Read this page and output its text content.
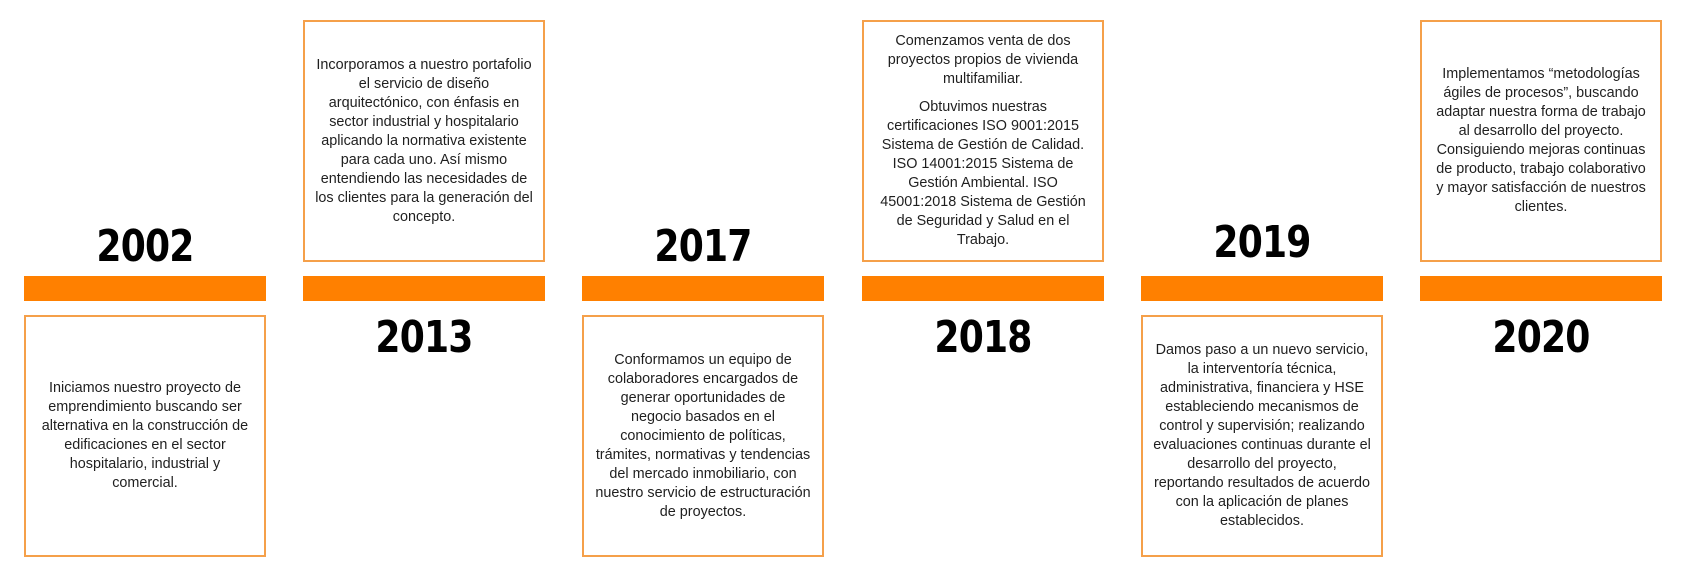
2002

Iniciamos nuestro proyecto de emprendimiento buscando ser alternativa en la construcción de edificaciones en el sector hospitalario, industrial y comercial.

Incorporamos a nuestro portafolio el servicio de diseño arquitectónico, con énfasis en sector industrial y hospitalario aplicando la normativa existente para cada uno. Así mismo entendiendo las necesidades de los clientes para la generación del concepto.

2013
2017

Conformamos un equipo de colaboradores encargados de generar oportunidades de negocio basados en el conocimiento de políticas, trámites, normativas y tendencias del mercado inmobiliario, con nuestro servicio de estructuración de proyectos.

Comenzamos venta de dos proyectos propios de vivienda multifamiliar.

Obtuvimos nuestras certificaciones ISO 9001:2015 Sistema de Gestión de Calidad. ISO 14001:2015 Sistema de Gestión Ambiental. ISO 45001:2018 Sistema de Gestión de Seguridad y Salud en el Trabajo.

2018
2019

Damos paso a un nuevo servicio, la interventoría técnica, administrativa, financiera y HSE estableciendo mecanismos de control y supervisión; realizando evaluaciones continuas durante el desarrollo del proyecto, reportando resultados de acuerdo con la aplicación de planes establecidos.

Implementamos “metodologías ágiles de procesos”, buscando adaptar nuestra forma de trabajo al desarrollo del proyecto. Consiguiendo mejoras continuas de producto, trabajo colaborativo y mayor satisfacción de nuestros clientes.

2020
